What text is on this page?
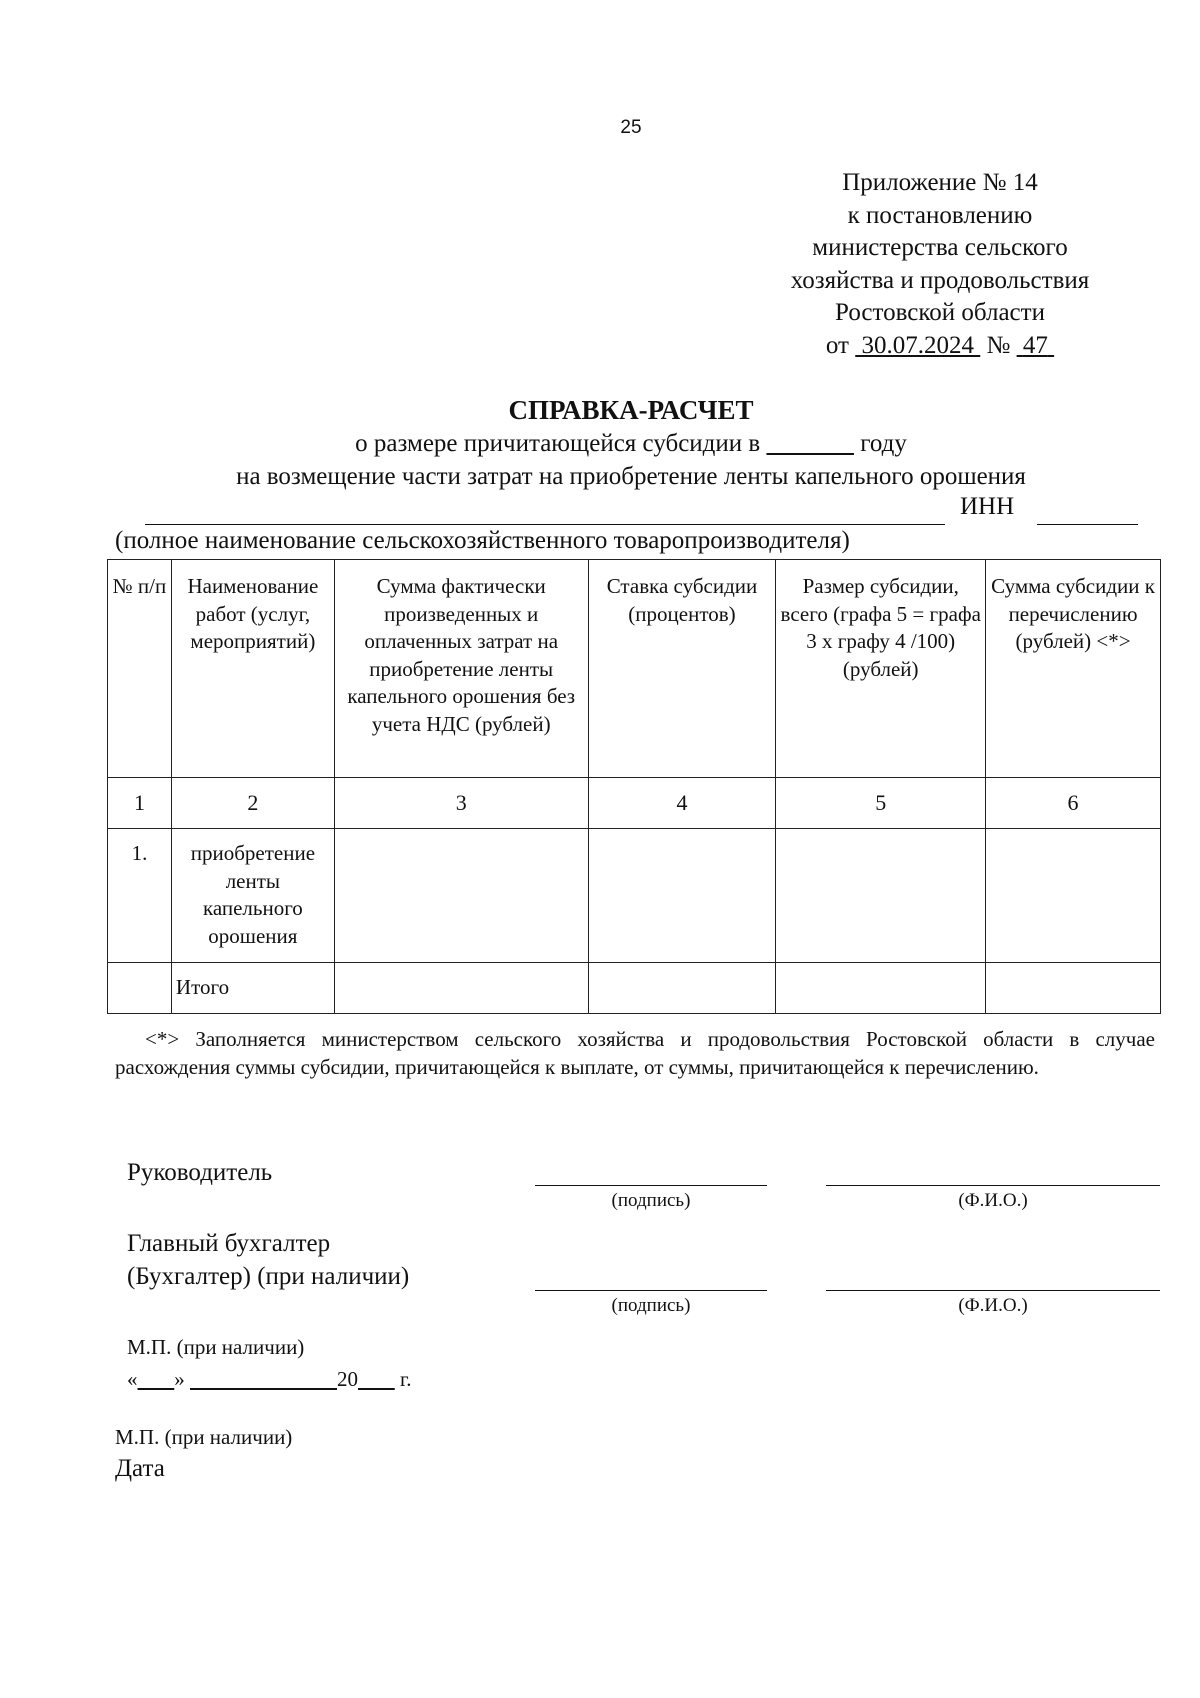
25
Приложение № 14
к постановлению
министерства сельского
хозяйства и продовольствия
Ростовской области
от 30.07.2024 № 47
СПРАВКА-РАСЧЕТ
о размере причитающейся субсидии в	году
на возмещение части затрат на приобретение ленты капельного орошения
ИНН
(полное наименование сельскохозяйственного товаропроизводителя)
№ п/п	Наименование работ (услуг, мероприятий)	Сумма фактически произведенных и оплаченных затрат на приобретение ленты капельного орошения без учета НДС (рублей)	Ставка субсидии (процентов)	Размер субсидии, всего (графа 5 = графа 3 х графу 4 /100) (рублей)	Сумма субсидии к перечислению (рублей) <*>
1	2	3	4	5	6
1.	приобретение ленты капельного орошения				
	Итого				
<*> Заполняется министерством сельского хозяйства и продовольствия Ростовской области в случае расхождения суммы субсидии, причитающейся к выплате, от суммы, причитающейся к перечислению.
Руководитель
(подпись)	(Ф.И.О.)
Главный бухгалтер
(Бухгалтер) (при наличии)
(подпись)	(Ф.И.О.)
М.П. (при наличии)
« »	20 г.
М.П. (при наличии)
Дата
